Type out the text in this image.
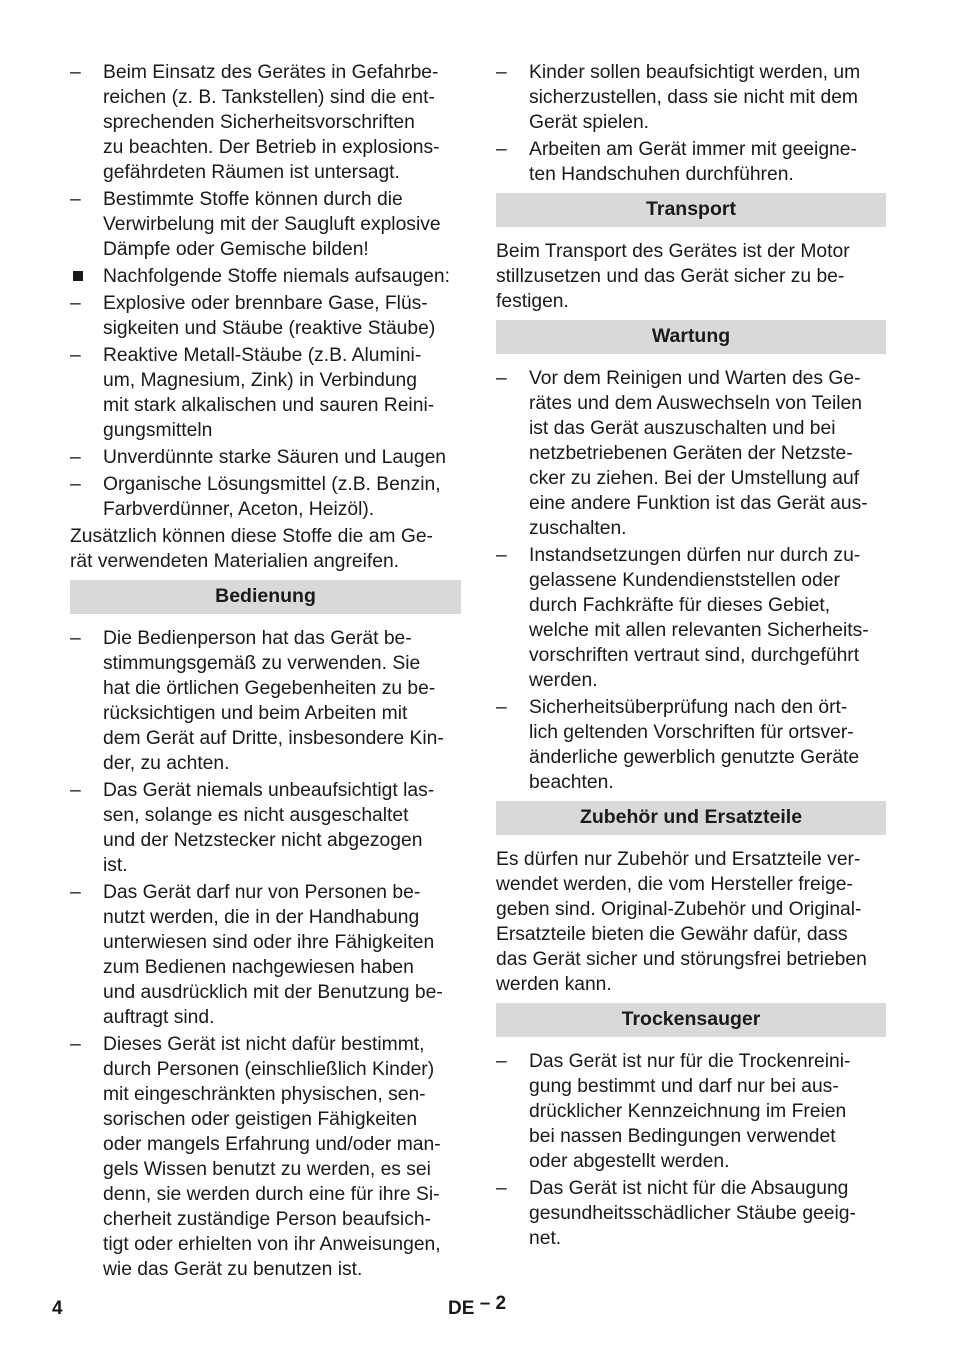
–	Beim Einsatz des Gerätes in Gefahrbe-
reichen (z. B. Tankstellen) sind die ent-
sprechenden Sicherheitsvorschriften
zu beachten. Der Betrieb in explosions-
gefährdeten Räumen ist untersagt.
–	Bestimmte Stoffe können durch die
Verwirbelung mit der Saugluft explosive
Dämpfe oder Gemische bilden!
Nachfolgende Stoffe niemals aufsaugen:
–	Explosive oder brennbare Gase, Flüs-
sigkeiten und Stäube (reaktive Stäube)
–	Reaktive Metall-Stäube (z.B. Alumini-
um, Magnesium, Zink) in Verbindung
mit stark alkalischen und sauren Reini-
gungsmitteln
–	Unverdünnte starke Säuren und Laugen
–	Organische Lösungsmittel (z.B. Benzin,
Farbverdünner, Aceton, Heizöl).
Zusätzlich können diese Stoffe die am Ge-
rät verwendeten Materialien angreifen.
Bedienung
–	Die Bedienperson hat das Gerät be-
stimmungsgemäß zu verwenden. Sie
hat die örtlichen Gegebenheiten zu be-
rücksichtigen und beim Arbeiten mit
dem Gerät auf Dritte, insbesondere Kin-
der, zu achten.
–	Das Gerät niemals unbeaufsichtigt las-
sen, solange es nicht ausgeschaltet
und der Netzstecker nicht abgezogen
ist.
–	Das Gerät darf nur von Personen be-
nutzt werden, die in der Handhabung
unterwiesen sind oder ihre Fähigkeiten
zum Bedienen nachgewiesen haben
und ausdrücklich mit der Benutzung be-
auftragt sind.
–	Dieses Gerät ist nicht dafür bestimmt,
durch Personen (einschließlich Kinder)
mit eingeschränkten physischen, sen-
sorischen oder geistigen Fähigkeiten
oder mangels Erfahrung und/oder man-
gels Wissen benutzt zu werden, es sei
denn, sie werden durch eine für ihre Si-
cherheit zuständige Person beaufsich-
tigt oder erhielten von ihr Anweisungen,
wie das Gerät zu benutzen ist.
–	Kinder sollen beaufsichtigt werden, um
sicherzustellen, dass sie nicht mit dem
Gerät spielen.
–	Arbeiten am Gerät immer mit geeigne-
ten Handschuhen durchführen.
Transport
Beim Transport des Gerätes ist der Motor
stillzusetzen und das Gerät sicher zu be-
festigen.
Wartung
–	Vor dem Reinigen und Warten des Ge-
rätes und dem Auswechseln von Teilen
ist das Gerät auszuschalten und bei
netzbetriebenen Geräten der Netzste-
cker zu ziehen. Bei der Umstellung auf
eine andere Funktion ist das Gerät aus-
zuschalten.
–	Instandsetzungen dürfen nur durch zu-
gelassene Kundendienststellen oder
durch Fachkräfte für dieses Gebiet,
welche mit allen relevanten Sicherheits-
vorschriften vertraut sind, durchgeführt
werden.
–	Sicherheitsüberprüfung nach den ört-
lich geltenden Vorschriften für ortsver-
änderliche gewerblich genutzte Geräte
beachten.
Zubehör und Ersatzteile
Es dürfen nur Zubehör und Ersatzteile ver-
wendet werden, die vom Hersteller freige-
geben sind. Original-Zubehör und Original-
Ersatzteile bieten die Gewähr dafür, dass
das Gerät sicher und störungsfrei betrieben
werden kann.
Trockensauger
–	Das Gerät ist nur für die Trockenreini-
gung bestimmt und darf nur bei aus-
drücklicher Kennzeichnung im Freien
bei nassen Bedingungen verwendet
oder abgestellt werden.
–	Das Gerät ist nicht für die Absaugung
gesundheitsschädlicher Stäube geeig-
net.
4	DE – 2
